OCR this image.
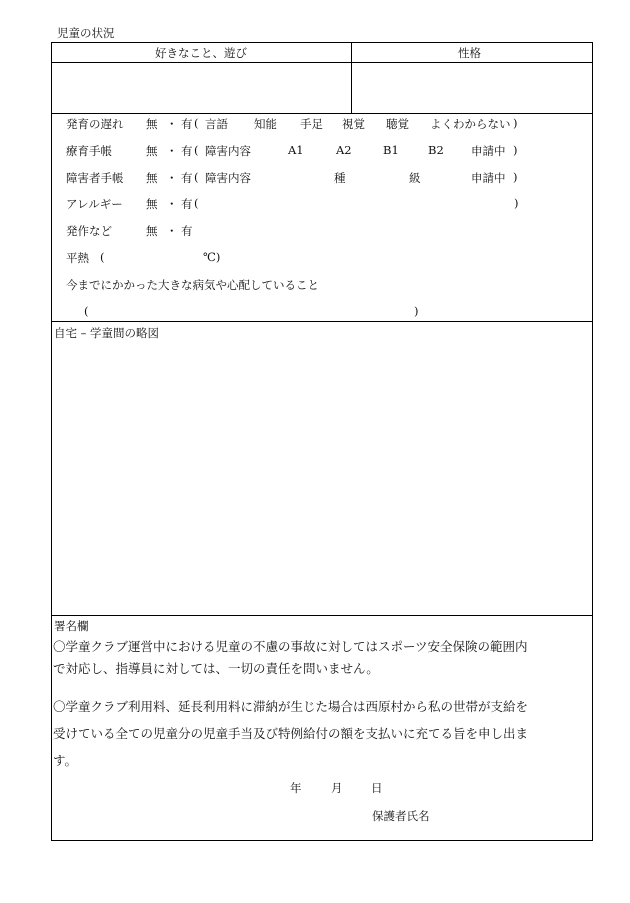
児童の状況
好きなこと、遊び	性格
発育の遅れ 無 ・ 有 ( 言語 知能 手足 視覚 聴覚 よくわからない )
療育手帳	無 ・ 有 ( 障害内容	A1	A2	B1	B2 申請中 )
障害者手帳 無 ・ 有 ( 障害内容	種	級	申請中 )
アレルギー 無 ・ 有 (	)
発作など	無 ・ 有
平熱 (	℃)
今までにかかった大きな病気や心配していること
(	)
自宅 – 学童間の略図
署名欄
〇学童クラブ運営中における児童の不慮の事故に対してはスポーツ安全保険の範囲内
で対応し、指導員に対しては、一切の責任を問いません。
〇学童クラブ利用料、延長利用料に滞納が生じた場合は西原村から私の世帯が支給を
受けている全ての児童分の児童手当及び特例給付の額を支払いに充てる旨を申し出ま
す。
年	月 日
保護者氏名
